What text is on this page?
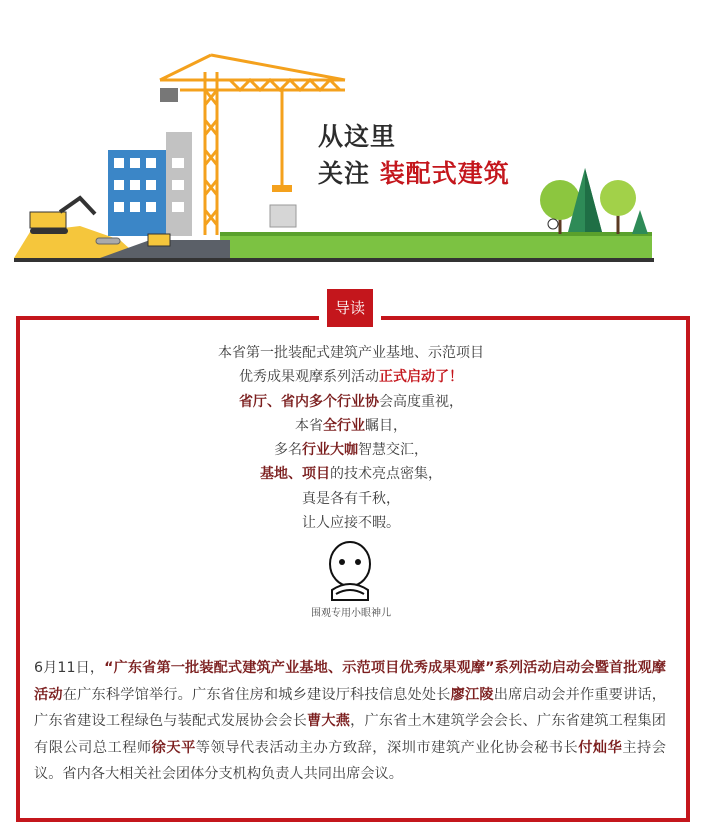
从这里
关注 装配式建筑
导读
本省第一批装配式建筑产业基地、示范项目
优秀成果观摩系列活动正式启动了！
省厅、省内多个行业协会高度重视，
本省全行业瞩目，
多名行业大咖智慧交汇，
基地、项目的技术亮点密集，
真是各有千秋，
让人应接不暇。
围观专用小眼神儿
6月11日，“广东省第一批装配式建筑产业基地、示范项目优秀成果观摩”系列活动启动会暨首批观摩活动在广东科学馆举行。广东省住房和城乡建设厅科技信息处处长廖江陵出席启动会并作重要讲话，广东省建设工程绿色与装配式发展协会会长曹大燕，广东省土木建筑学会会长、广东省建筑工程集团有限公司总工程师徐天平等领导代表活动主办方致辞，深圳市建筑产业化协会秘书长付灿华主持会议。省内各大相关社会团体分支机构负责人共同出席会议。
